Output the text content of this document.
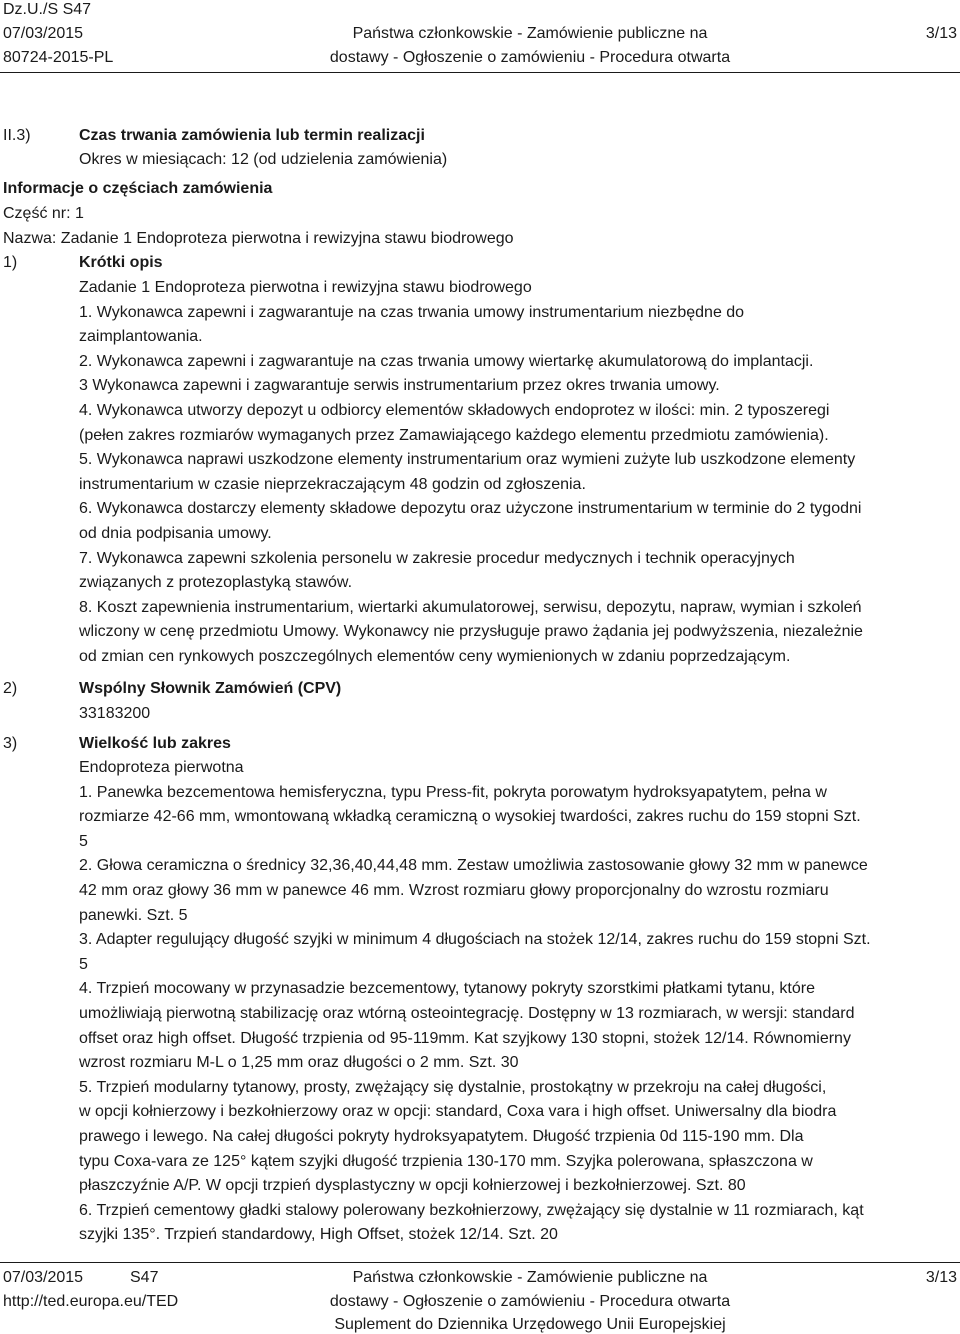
Dz.U./S S47
07/03/2015
80724-2015-PL
Państwa członkowskie - Zamówienie publiczne na
dostawy - Ogłoszenie o zamówieniu - Procedura otwarta
3/13
II.3)	Czas trwania zamówienia lub termin realizacji
Okres w miesiącach: 12 (od udzielenia zamówienia)
Informacje o częściach zamówienia
Część nr: 1
Nazwa: Zadanie 1 Endoproteza pierwotna i rewizyjna stawu biodrowego
1)	Krótki opis
Zadanie 1 Endoproteza pierwotna i rewizyjna stawu biodrowego
1. Wykonawca zapewni i zagwarantuje na czas trwania umowy instrumentarium niezbędne do
zaimplantowania.
2. Wykonawca zapewni i zagwarantuje na czas trwania umowy wiertarkę akumulatorową do implantacji.
3 Wykonawca zapewni i zagwarantuje serwis instrumentarium przez okres trwania umowy.
4. Wykonawca utworzy depozyt u odbiorcy elementów składowych endoprotez w ilości: min. 2 typoszeregi
(pełen zakres rozmiarów wymaganych przez Zamawiającego każdego elementu przedmiotu zamówienia).
5. Wykonawca naprawi uszkodzone elementy instrumentarium oraz wymieni zużyte lub uszkodzone elementy
instrumentarium w czasie nieprzekraczającym 48 godzin od zgłoszenia.
6. Wykonawca dostarczy elementy składowe depozytu oraz użyczone instrumentarium w terminie do 2 tygodni
od dnia podpisania umowy.
7. Wykonawca zapewni szkolenia personelu w zakresie procedur medycznych i technik operacyjnych
związanych z protezoplastyką stawów.
8. Koszt zapewnienia instrumentarium, wiertarki akumulatorowej, serwisu, depozytu, napraw, wymian i szkoleń
wliczony w cenę przedmiotu Umowy. Wykonawcy nie przysługuje prawo żądania jej podwyższenia, niezależnie
od zmian cen rynkowych poszczególnych elementów ceny wymienionych w zdaniu poprzedzającym.
2)	Wspólny Słownik Zamówień (CPV)
33183200
3)	Wielkość lub zakres
Endoproteza pierwotna
1. Panewka bezcementowa hemisferyczna, typu Press-fit, pokryta porowatym hydroksyapatytem, pełna w
rozmiarze 42-66 mm, wmontowaną wkładką ceramiczną o wysokiej twardości, zakres ruchu do 159 stopni Szt.
5
2. Głowa ceramiczna o średnicy 32,36,40,44,48 mm. Zestaw umożliwia zastosowanie głowy 32 mm w panewce
42 mm oraz głowy 36 mm w panewce 46 mm. Wzrost rozmiaru głowy proporcjonalny do wzrostu rozmiaru
panewki. Szt. 5
3. Adapter regulujący długość szyjki w minimum 4 długościach na stożek 12/14, zakres ruchu do 159 stopni Szt.
5
4. Trzpień mocowany w przynasadzie bezcementowy, tytanowy pokryty szorstkimi płatkami tytanu, które
umożliwiają pierwotną stabilizację oraz wtórną osteointegrację. Dostępny w 13 rozmiarach, w wersji: standard
offset oraz high offset. Długość trzpienia od 95-119mm. Kat szyjkowy 130 stopni, stożek 12/14. Równomierny
wzrost rozmiaru M-L o 1,25 mm oraz długości o 2 mm. Szt. 30
5. Trzpień modularny tytanowy, prosty, zwężający się dystalnie, prostokątny w przekroju na całej długości,
w opcji kołnierzowy i bezkołnierzowy oraz w opcji: standard, Coxa vara i high offset. Uniwersalny dla biodra
prawego i lewego. Na całej długości pokryty hydroksyapatytem. Długość trzpienia 0d 115-190 mm. Dla
typu Coxa-vara ze 125° kątem szyjki długość trzpienia 130-170 mm. Szyjka polerowana, spłaszczona w
płaszczyźnie A/P. W opcji trzpień dysplastyczny w opcji kołnierzowej i bezkołnierzowej. Szt. 80
6. Trzpień cementowy gładki stalowy polerowany bezkołnierzowy, zwężający się dystalnie w 11 rozmiarach, kąt
szyjki 135°. Trzpień standardowy, High Offset, stożek 12/14. Szt. 20
07/03/2015	S47
http://ted.europa.eu/TED
Państwa członkowskie - Zamówienie publiczne na
dostawy - Ogłoszenie o zamówieniu - Procedura otwarta
Suplement do Dziennika Urzędowego Unii Europejskiej
3/13
